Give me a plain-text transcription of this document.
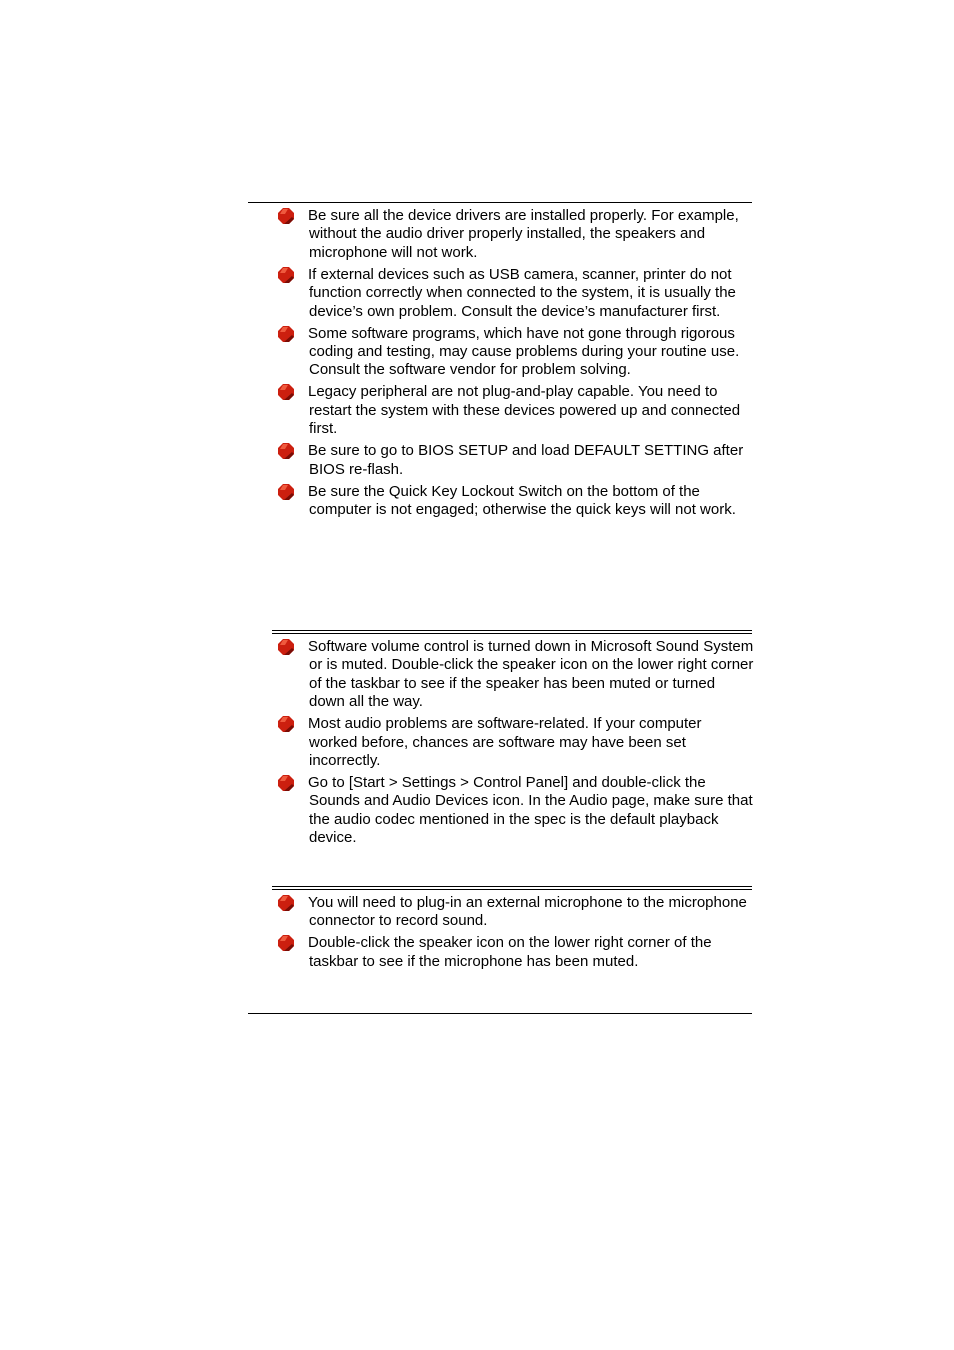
Be sure all the device drivers are installed properly. For example, without the audio driver properly installed, the speakers and microphone will not work.
If external devices such as USB camera, scanner, printer do not function correctly when connected to the system, it is usually the device’s own problem. Consult the device’s manufacturer first.
Some software programs, which have not gone through rigorous coding and testing, may cause problems during your routine use. Consult the software vendor for problem solving.
Legacy peripheral are not plug-and-play capable. You need to restart the system with these devices powered up and connected first.
Be sure to go to BIOS SETUP and load DEFAULT SETTING after BIOS re-flash.
Be sure the Quick Key Lockout Switch on the bottom of the computer is not engaged; otherwise the quick keys will not work.
Software volume control is turned down in Microsoft Sound System or is muted. Double-click the speaker icon on the lower right corner of the taskbar to see if the speaker has been muted or turned down all the way.
Most audio problems are software-related. If your computer worked before, chances are software may have been set incorrectly.
Go to [Start > Settings > Control Panel] and double-click the Sounds and Audio Devices icon. In the Audio page, make sure that the audio codec mentioned in the spec is the default playback device.
You will need to plug-in an external microphone to the microphone connector to record sound.
Double-click the speaker icon on the lower right corner of the taskbar to see if the microphone has been muted.
